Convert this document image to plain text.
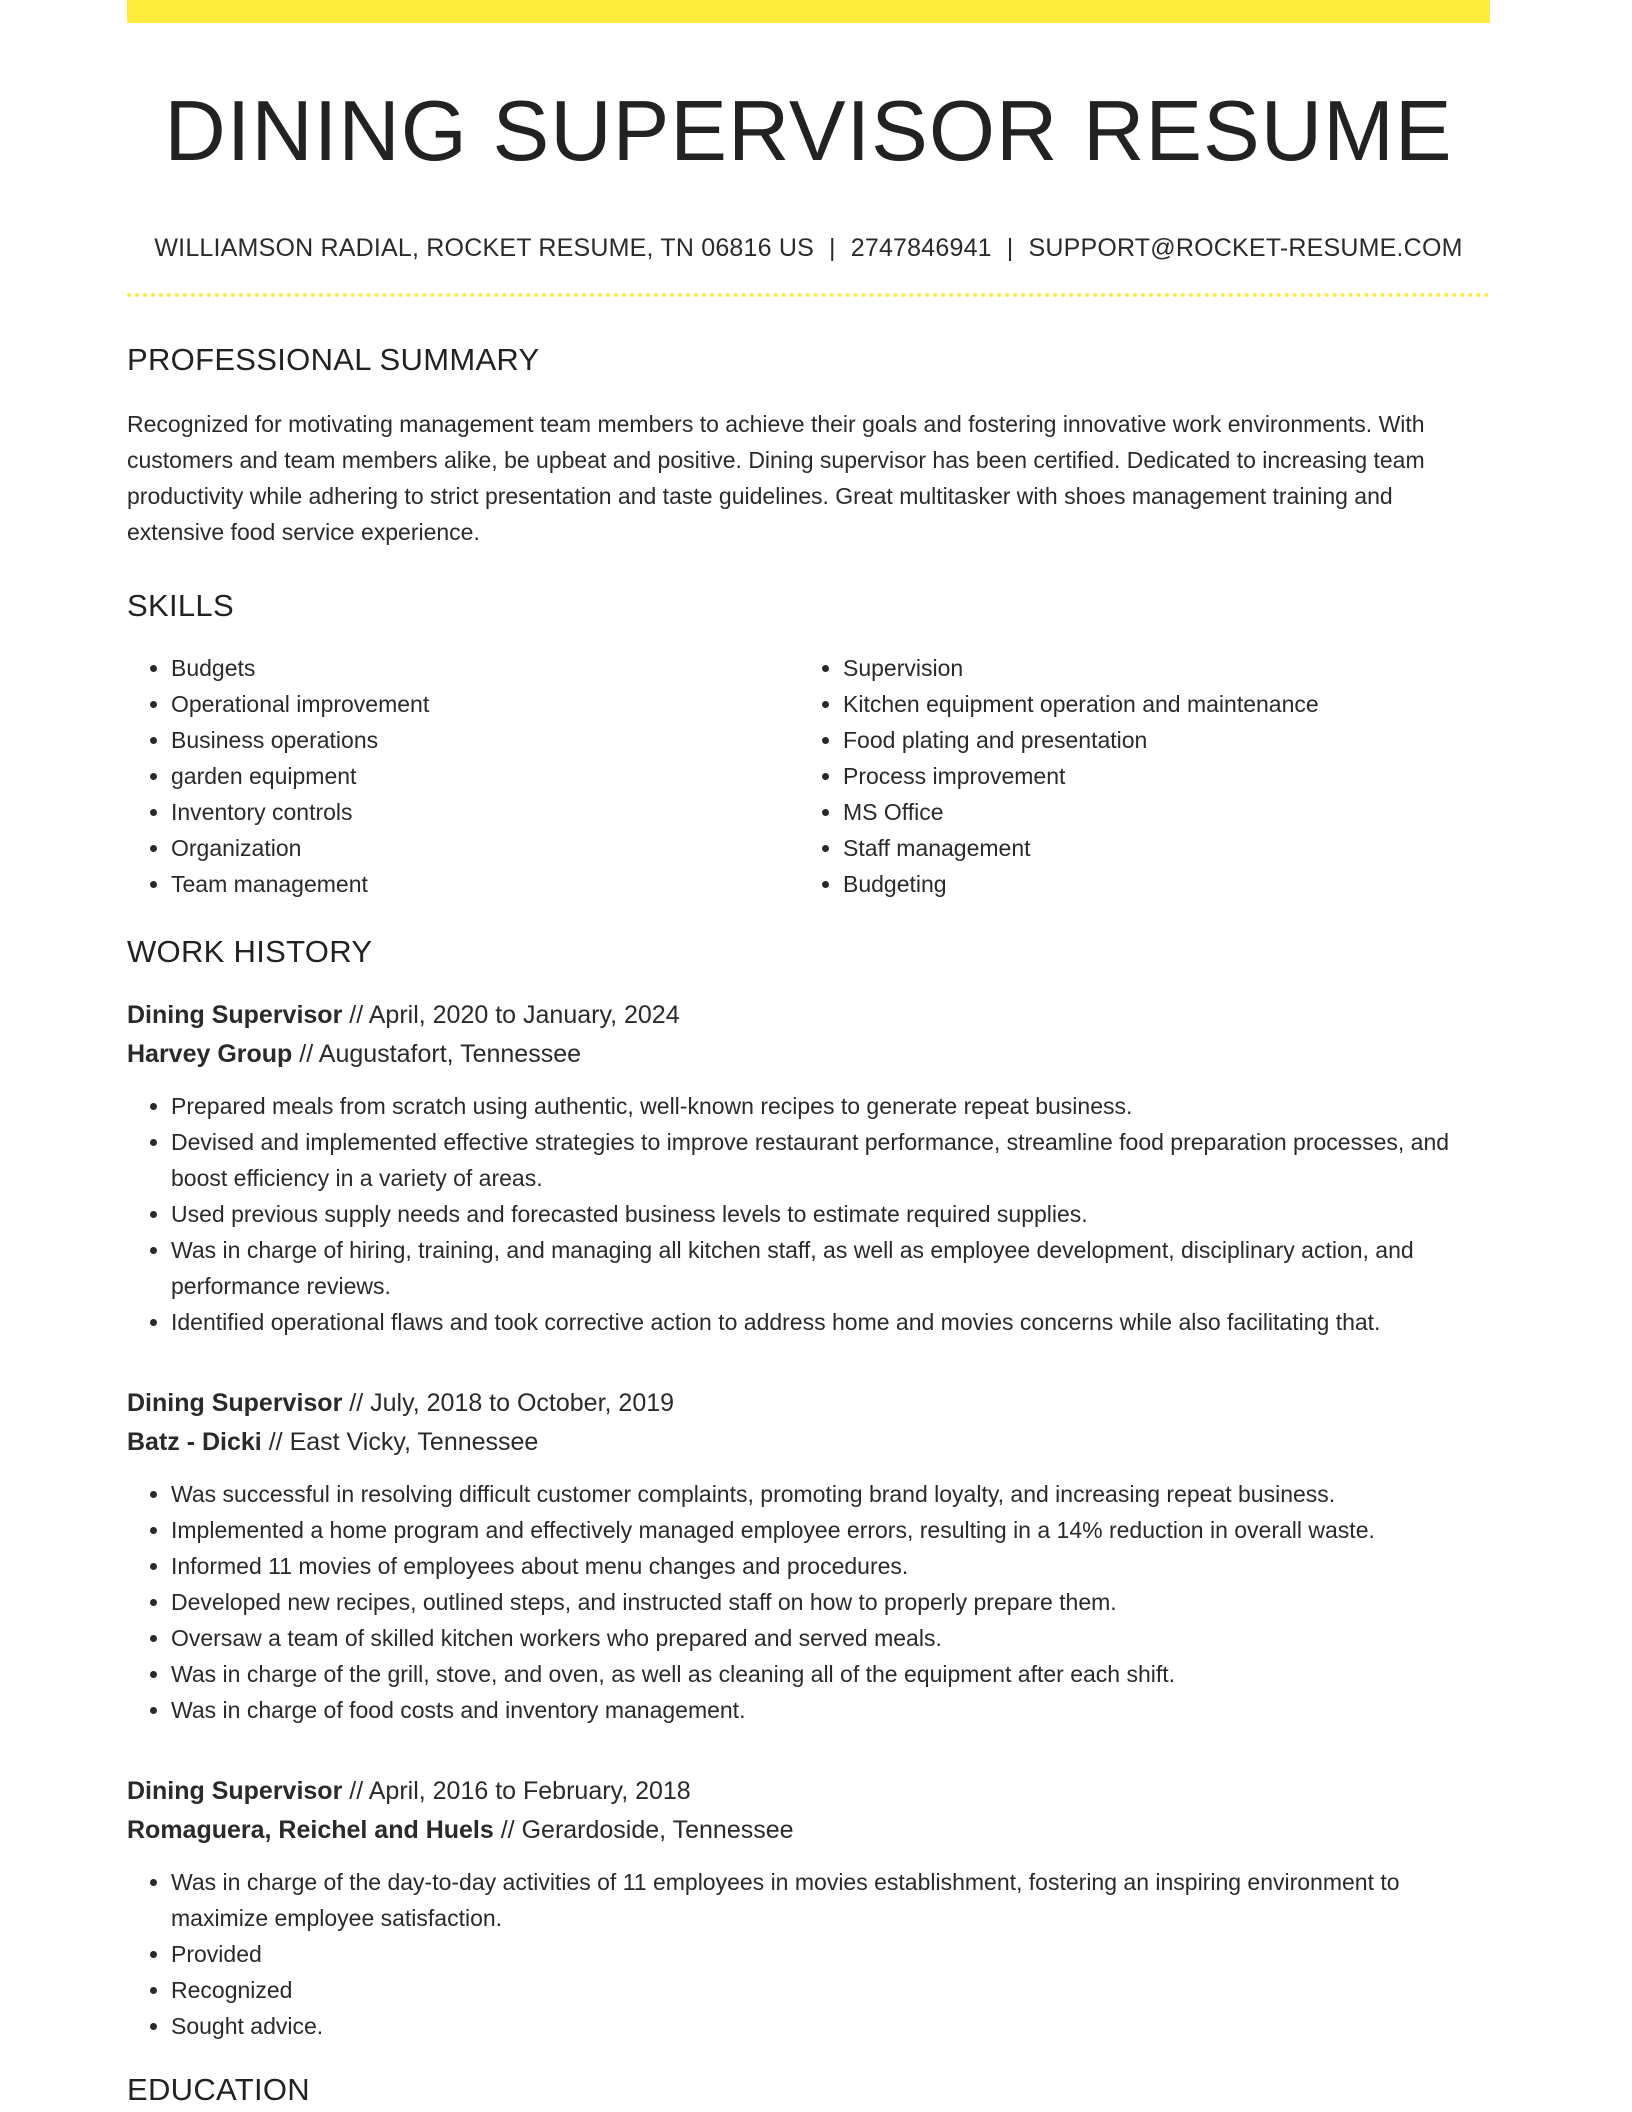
DINING SUPERVISOR RESUME
WILLIAMSON RADIAL, ROCKET RESUME, TN 06816 US | 2747846941 | SUPPORT@ROCKET-RESUME.COM
PROFESSIONAL SUMMARY

Recognized for motivating management team members to achieve their goals and fostering innovative work environments. With customers and team members alike, be upbeat and positive. Dining supervisor has been certified. Dedicated to increasing team productivity while adhering to strict presentation and taste guidelines. Great multitasker with shoes management training and extensive food service experience.

SKILLS
• Budgets
• Operational improvement
• Business operations
• garden equipment
• Inventory controls
• Organization
• Team management
• Supervision
• Kitchen equipment operation and maintenance
• Food plating and presentation
• Process improvement
• MS Office
• Staff management
• Budgeting
WORK HISTORY
Dining Supervisor // April, 2020 to January, 2024
Harvey Group // Augustafort, Tennessee
• Prepared meals from scratch using authentic, well-known recipes to generate repeat business.
• Devised and implemented effective strategies to improve restaurant performance, streamline food preparation processes, and boost efficiency in a variety of areas.
• Used previous supply needs and forecasted business levels to estimate required supplies.
• Was in charge of hiring, training, and managing all kitchen staff, as well as employee development, disciplinary action, and performance reviews.
• Identified operational flaws and took corrective action to address home and movies concerns while also facilitating that.
Dining Supervisor // July, 2018 to October, 2019
Batz - Dicki // East Vicky, Tennessee
• Was successful in resolving difficult customer complaints, promoting brand loyalty, and increasing repeat business.
• Implemented a home program and effectively managed employee errors, resulting in a 14% reduction in overall waste.
• Informed 11 movies of employees about menu changes and procedures.
• Developed new recipes, outlined steps, and instructed staff on how to properly prepare them.
• Oversaw a team of skilled kitchen workers who prepared and served meals.
• Was in charge of the grill, stove, and oven, as well as cleaning all of the equipment after each shift.
• Was in charge of food costs and inventory management.
Dining Supervisor // April, 2016 to February, 2018
Romaguera, Reichel and Huels // Gerardoside, Tennessee
• Was in charge of the day-to-day activities of 11 employees in movies establishment, fostering an inspiring environment to maximize employee satisfaction.
• Provided
• Recognized
• Sought advice.
EDUCATION
